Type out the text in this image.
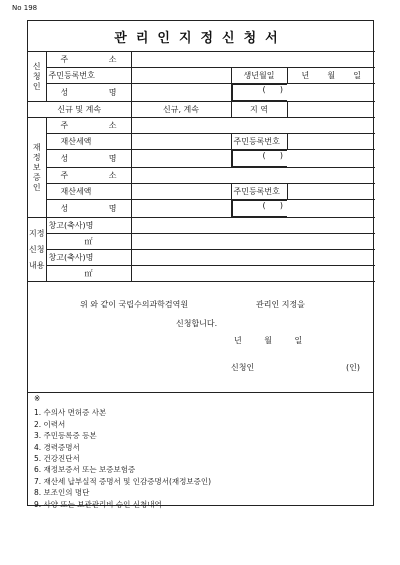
No 198
관리인지정신청서
신
청
인	주 소			
	주민등록번호		생년월일	년 월 일
	성 명			( )

신규 및 계속		신규, 계속	지 역	

재
정
보
증
인	주 소			
	재산세액		주민등록번호	
	성 명			( )

	주 소			
	재산세액		주민등록번호	
	성 명			( )

지정
신청
내용	창고(축사)명			
	㎡			
	창고(축사)명			
	㎡			
위 와 같이 국립수의과학검역원	관리인 지정을
신청합니다.
년 월 일
신청인	(인)
※
1. 수의사 면허증 사본
2. 이력서
3. 주민등록증 등본
4. 경력증명서
5. 건강진단서
6. 재정보증서 또는 보증보험증
7. 재산세 납부실적 증명서 및 인감증명서(재정보증인)
8. 보조인의 명단
9. 사양 또는 보관관리비 승인 신청내역
